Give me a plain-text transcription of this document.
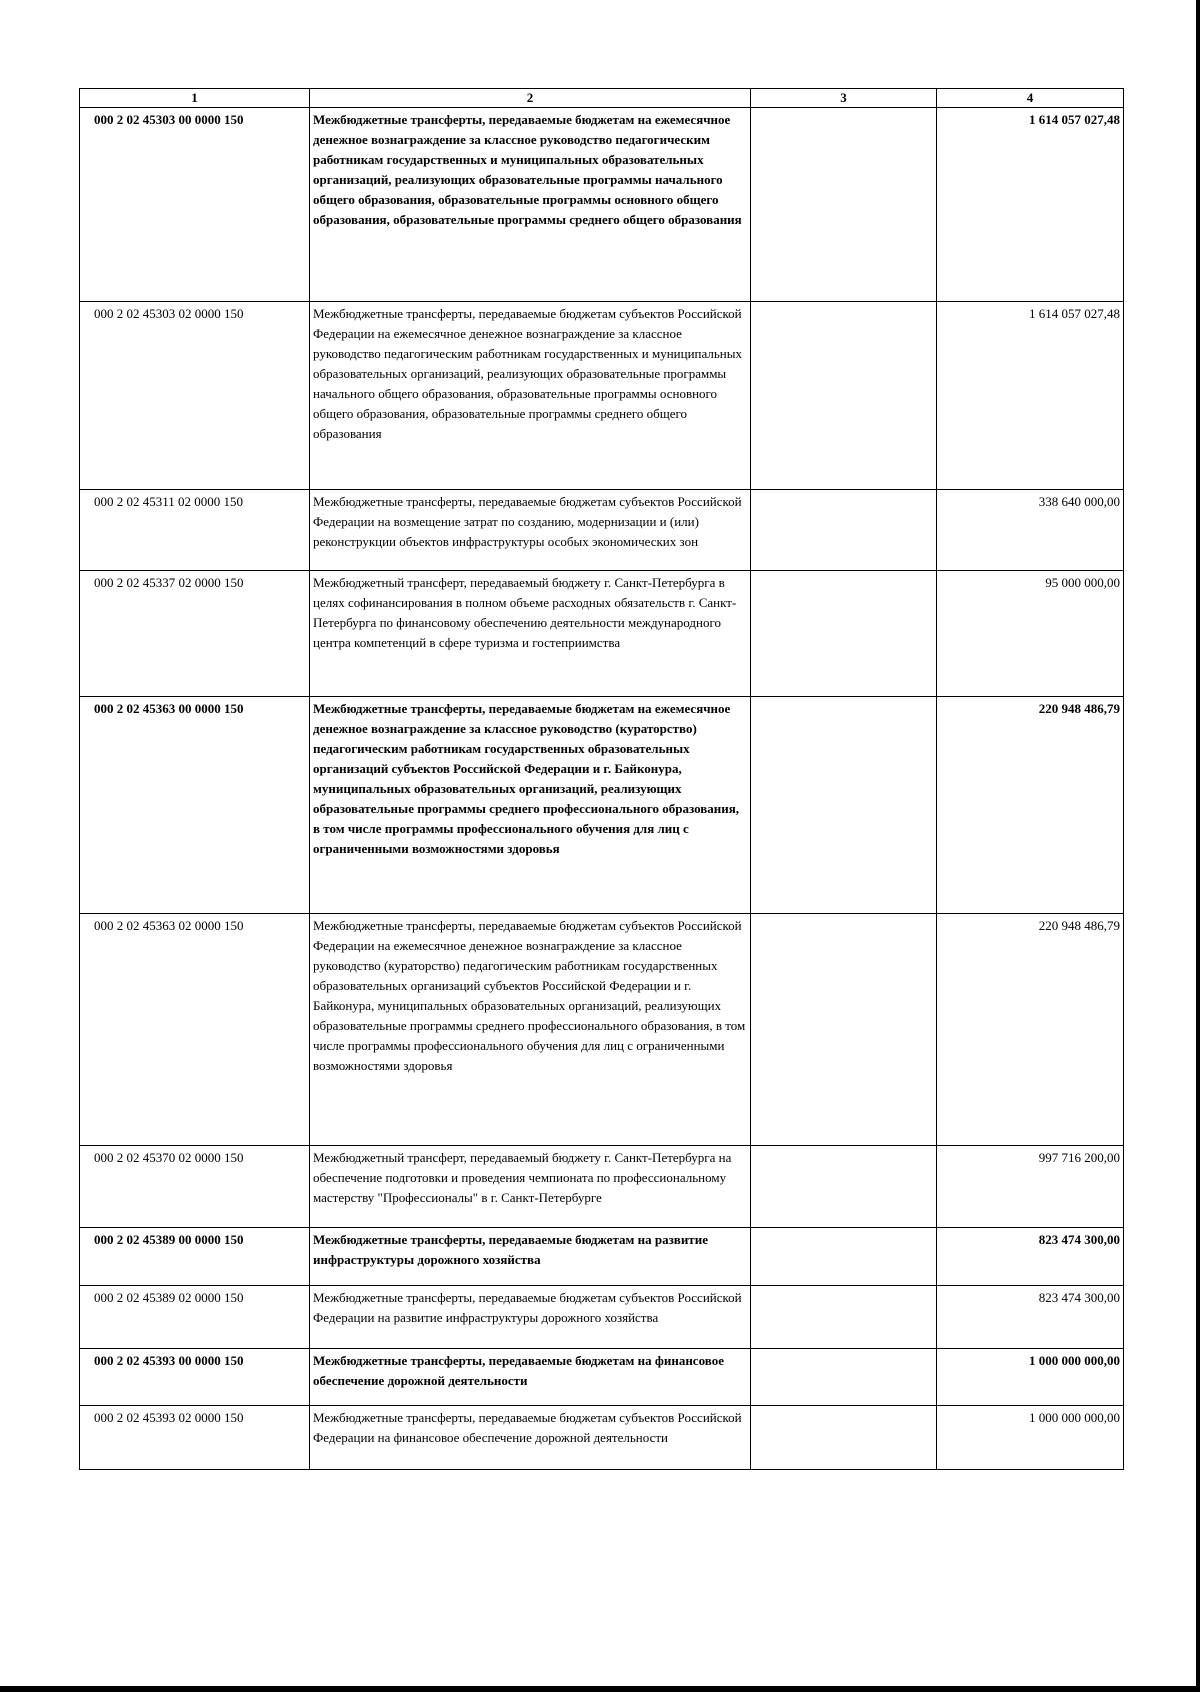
1	2	3	4
000 2 02 45303 00 0000 150	Межбюджетные трансферты, передаваемые бюджетам на ежемесячное денежное вознаграждение за классное руководство педагогическим работникам государственных и муниципальных образовательных организаций, реализующих образовательные программы начального общего образования, образовательные программы основного общего образования, образовательные программы среднего общего образования		1 614 057 027,48
000 2 02 45303 02 0000 150	Межбюджетные трансферты, передаваемые бюджетам субъектов Российской Федерации на ежемесячное денежное вознаграждение за классное руководство педагогическим работникам государственных и муниципальных образовательных организаций, реализующих образовательные программы начального общего образования, образовательные программы основного общего образования, образовательные программы среднего общего образования		1 614 057 027,48
000 2 02 45311 02 0000 150	Межбюджетные трансферты, передаваемые бюджетам субъектов Российской Федерации на возмещение затрат по созданию, модернизации и (или) реконструкции объектов инфраструктуры особых экономических зон		338 640 000,00
000 2 02 45337 02 0000 150	Межбюджетный трансферт, передаваемый бюджету г. Санкт-Петербурга в целях софинансирования в полном объеме расходных обязательств г. Санкт-Петербурга по финансовому обеспечению деятельности международного центра компетенций в сфере туризма и гостеприимства		95 000 000,00
000 2 02 45363 00 0000 150	Межбюджетные трансферты, передаваемые бюджетам на ежемесячное денежное вознаграждение за классное руководство (кураторство) педагогическим работникам государственных образовательных организаций субъектов Российской Федерации и г. Байконура, муниципальных образовательных организаций, реализующих образовательные программы среднего профессионального образования, в том числе программы профессионального обучения для лиц с ограниченными возможностями здоровья		220 948 486,79
000 2 02 45363 02 0000 150	Межбюджетные трансферты, передаваемые бюджетам субъектов Российской Федерации на ежемесячное денежное вознаграждение за классное руководство (кураторство) педагогическим работникам государственных образовательных организаций субъектов Российской Федерации и г. Байконура, муниципальных образовательных организаций, реализующих образовательные программы среднего профессионального образования, в том числе программы профессионального обучения для лиц с ограниченными возможностями здоровья		220 948 486,79
000 2 02 45370 02 0000 150	Межбюджетный трансферт, передаваемый бюджету г. Санкт-Петербурга на обеспечение подготовки и проведения чемпионата по профессиональному мастерству "Профессионалы" в г. Санкт-Петербурге		997 716 200,00
000 2 02 45389 00 0000 150	Межбюджетные трансферты, передаваемые бюджетам на развитие инфраструктуры дорожного хозяйства		823 474 300,00
000 2 02 45389 02 0000 150	Межбюджетные трансферты, передаваемые бюджетам субъектов Российской Федерации на развитие инфраструктуры дорожного хозяйства		823 474 300,00
000 2 02 45393 00 0000 150	Межбюджетные трансферты, передаваемые бюджетам на финансовое обеспечение дорожной деятельности		1 000 000 000,00
000 2 02 45393 02 0000 150	Межбюджетные трансферты, передаваемые бюджетам субъектов Российской Федерации на финансовое обеспечение дорожной деятельности		1 000 000 000,00
